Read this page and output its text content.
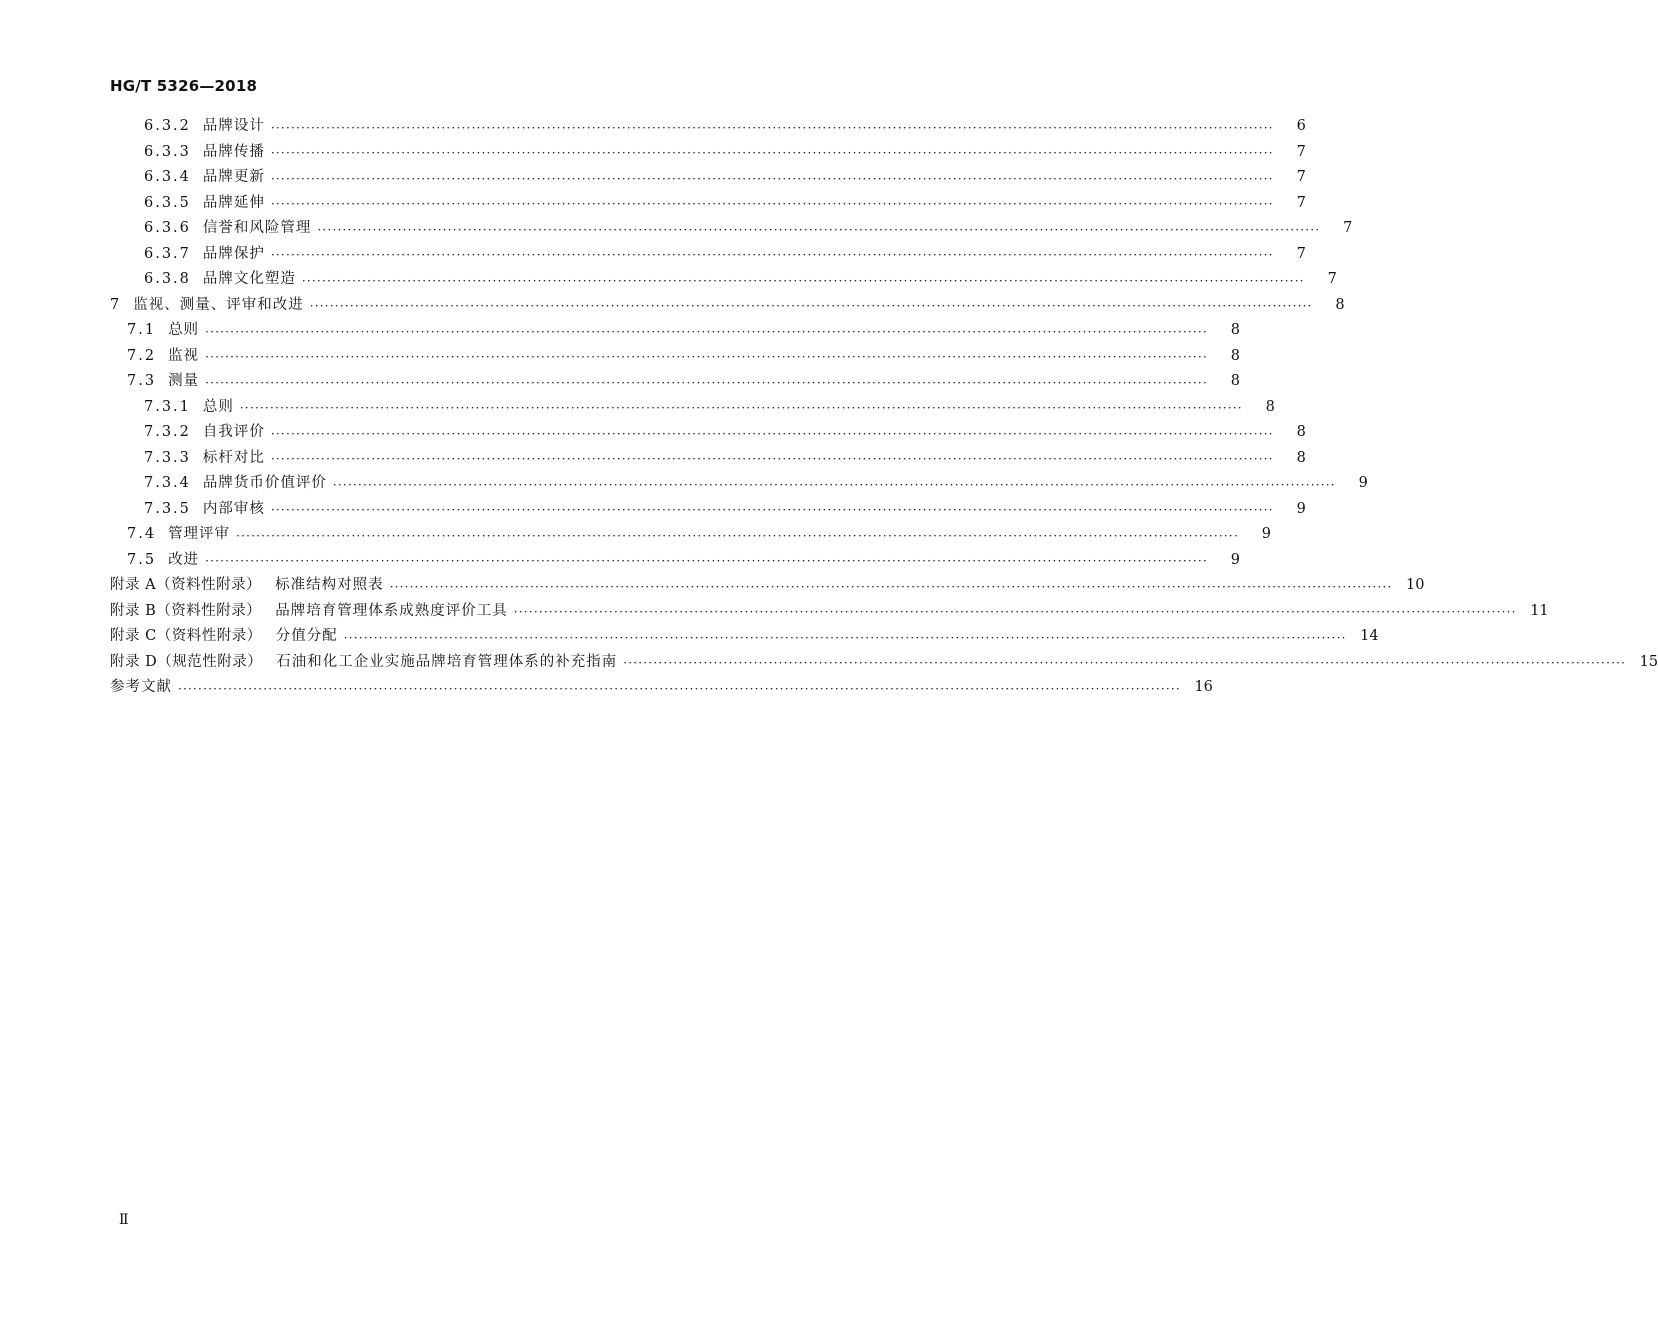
HG/T 5326—2018
6.3.2 品牌设计 ········································································································································································································	6
6.3.3 品牌传播 ········································································································································································································	7
6.3.4 品牌更新 ········································································································································································································	7
6.3.5 品牌延伸 ········································································································································································································	7
6.3.6 信誉和风险管理 ········································································································································································································	7
6.3.7 品牌保护 ········································································································································································································	7
6.3.8 品牌文化塑造 ········································································································································································································	7
7 监视、测量、评审和改进 ········································································································································································································	8
7.1 总则 ········································································································································································································	8
7.2 监视 ········································································································································································································	8
7.3 测量 ········································································································································································································	8
7.3.1 总则 ········································································································································································································	8
7.3.2 自我评价 ········································································································································································································	8
7.3.3 标杆对比 ········································································································································································································	8
7.3.4 品牌货币价值评价 ········································································································································································································	9
7.3.5 内部审核 ········································································································································································································	9
7.4 管理评审 ········································································································································································································	9
7.5 改进 ········································································································································································································	9
附录 A（资料性附录） 标准结构对照表 ········································································································································································································ 10
附录 B（资料性附录） 品牌培育管理体系成熟度评价工具 ········································································································································································································ 11
附录 C（资料性附录） 分值分配 ········································································································································································································ 14
附录 D（规范性附录） 石油和化工企业实施品牌培育管理体系的补充指南 ········································································································································································································ 15
参考文献 ········································································································································································································ 16
Ⅱ
